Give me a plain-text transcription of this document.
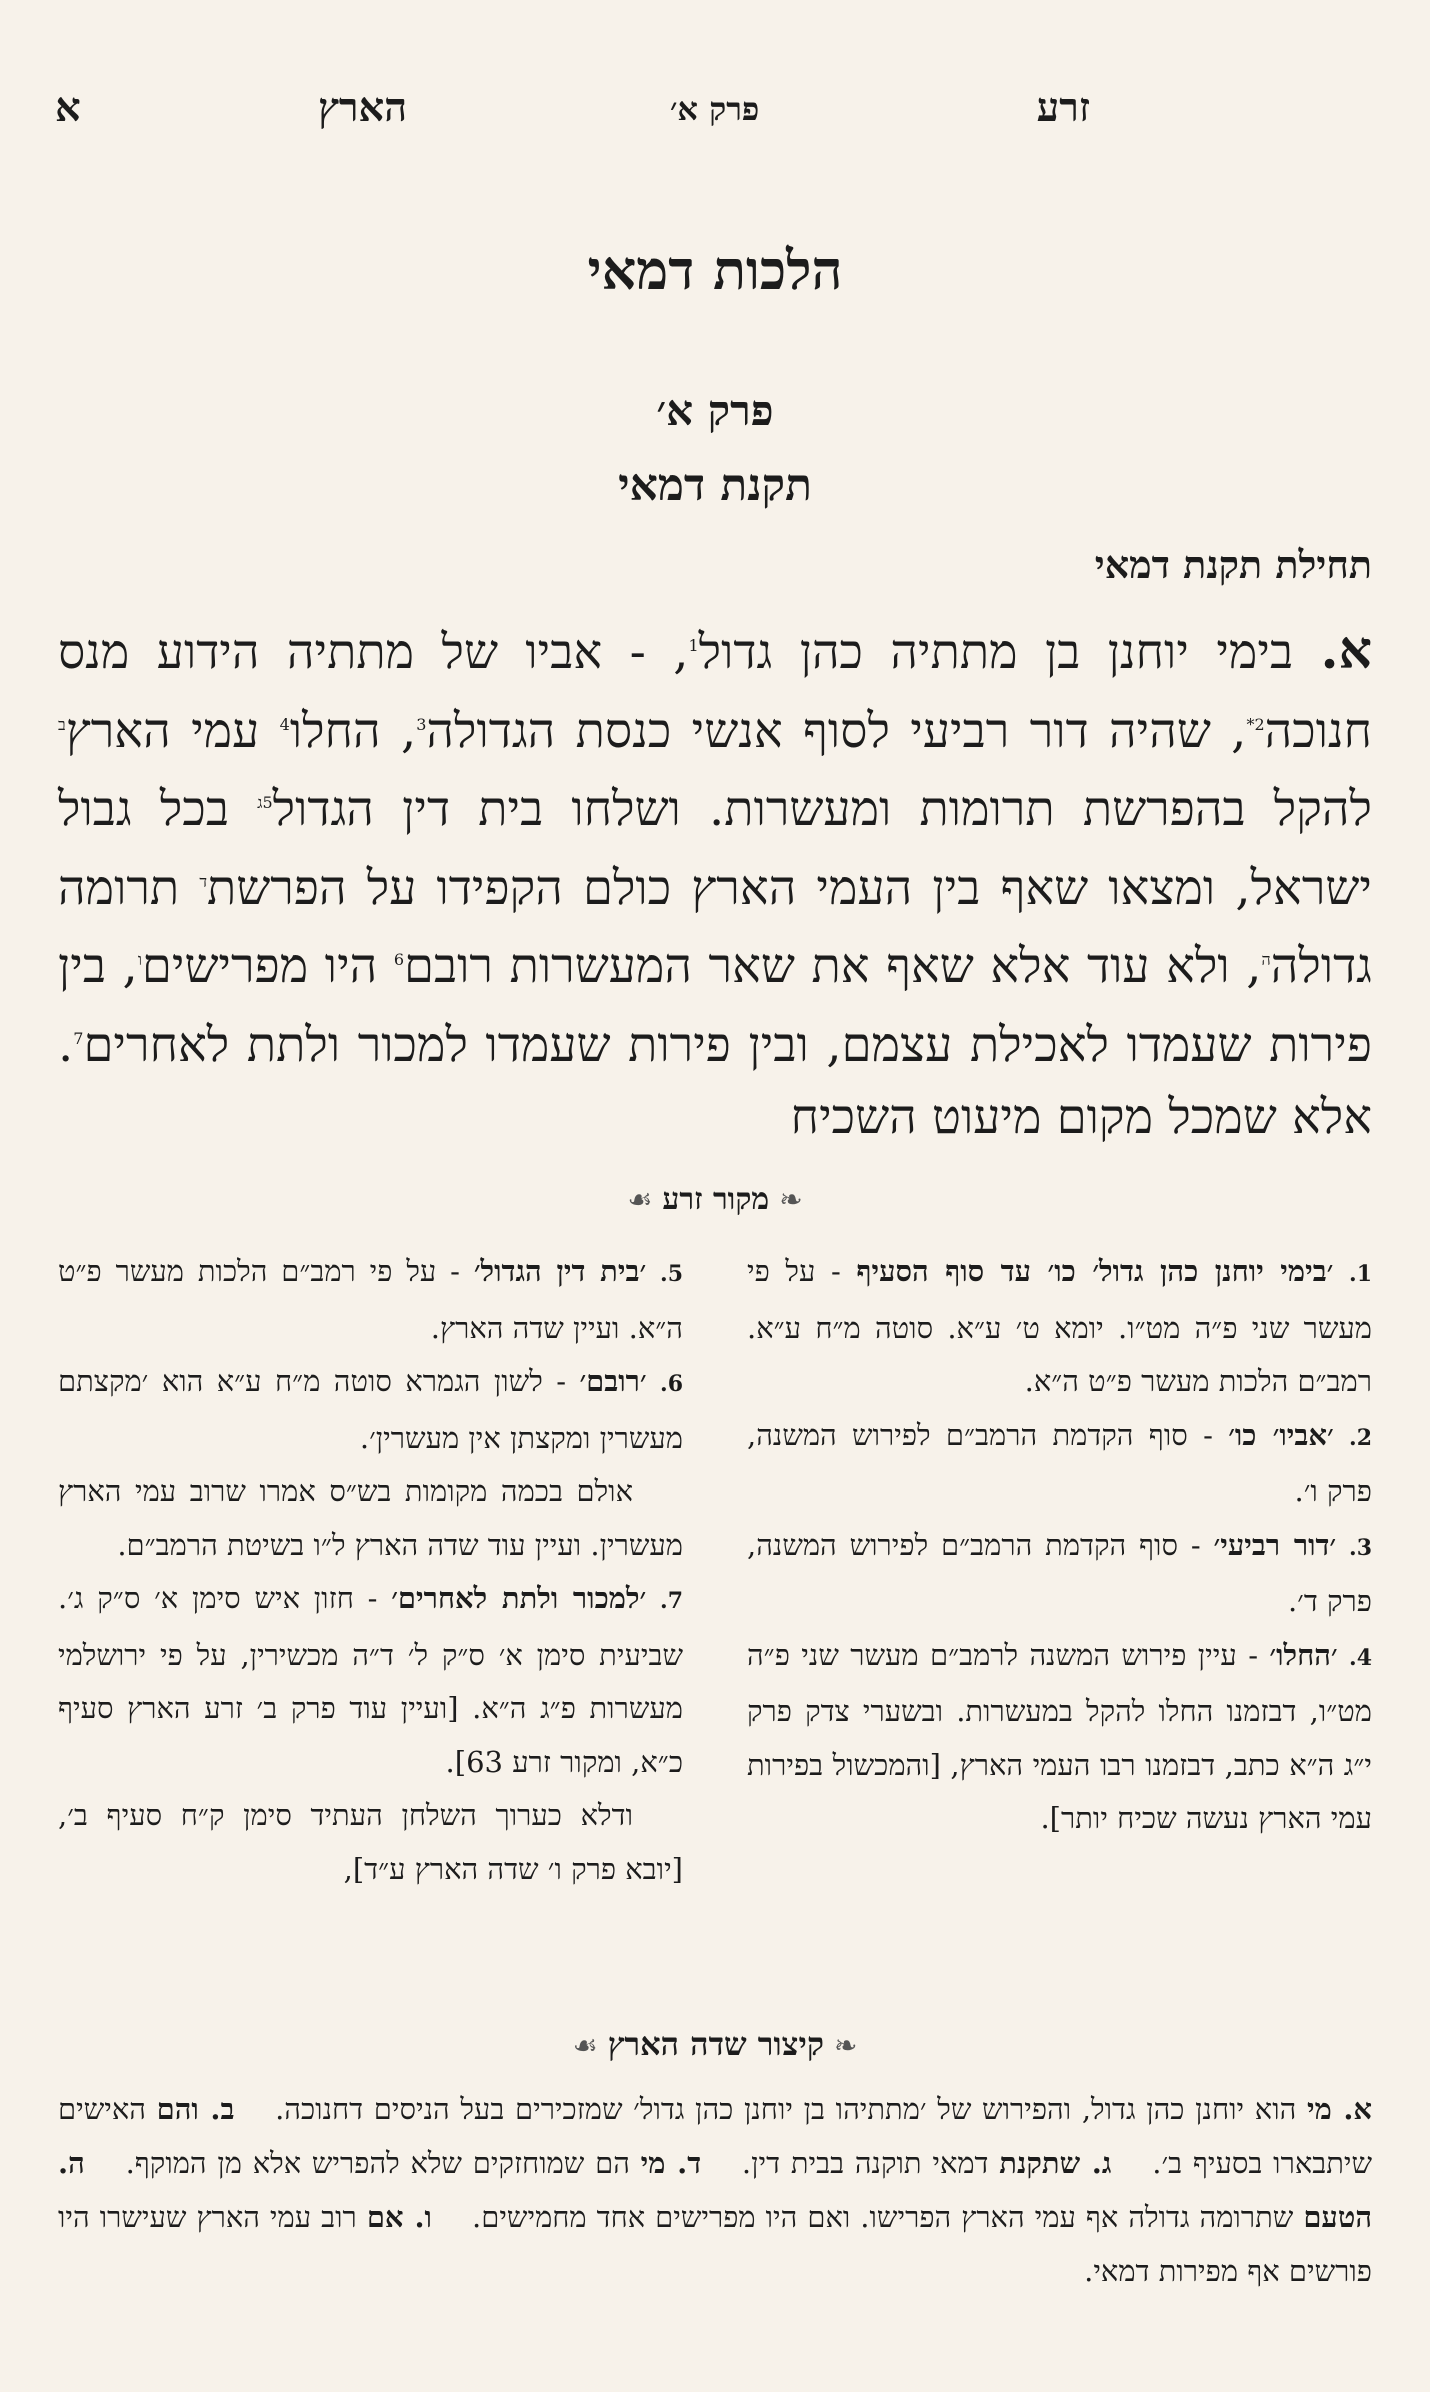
זרע
פרק א׳
הארץ
א
הלכות דמאי
פרק א׳
תקנת דמאי
תחילת תקנת דמאי
א. בימי יוחנן בן מתתיה כהן גדול$^1$, - אביו של מתתיה הידוע מנס חנוכה$^{2*}$, שהיה דור רביעי לסוף אנשי כנסת הגדולה$^3$, החלו$^4$ עמי הארץ$^ב$ להקל בהפרשת תרומות ומעשרות. ושלחו בית דין הגדול$^{5ג}$ בכל גבול ישראל, ומצאו שאף בין העמי הארץ כולם הקפידו על הפרשת$^ד$ תרומה גדולה$^ה$, ולא עוד אלא שאף את שאר המעשרות רובם$^6$ היו מפרישים$^ו$, בין פירות שעמדו לאכילת עצמם, ובין פירות שעמדו למכור ולתת לאחרים$^7$. אלא שמכל מקום מיעוט השכיח
❧מקור זרע☙

1. ׳בימי יוחנן כהן גדול׳ כו׳ עד סוף הסעיף - על פי מעשר שני פ״ה מט״ו. יומא ט׳ ע״א. סוטה מ״ח ע״א. רמב״ם הלכות מעשר פ״ט ה״א.

2. ׳אביו׳ כו׳ - סוף הקדמת הרמב״ם לפירוש המשנה, פרק ו׳.

3. ׳דור רביעי׳ - סוף הקדמת הרמב״ם לפירוש המשנה, פרק ד׳.

4. ׳החלו׳ - עיין פירוש המשנה לרמב״ם מעשר שני פ״ה מט״ו, דבזמנו החלו להקל במעשרות. ובשערי צדק פרק י״ג ה״א כתב, דבזמנו רבו העמי הארץ, [והמכשול בפירות עמי הארץ נעשה שכיח יותר].

5. ׳בית דין הגדול׳ - על פי רמב״ם הלכות מעשר פ״ט ה״א. ועיין שדה הארץ.

6. ׳רובם׳ - לשון הגמרא סוטה מ״ח ע״א הוא ׳מקצתם מעשרין ומקצתן אין מעשרין׳.

אולם בכמה מקומות בש״ס אמרו שרוב עמי הארץ מעשרין. ועיין עוד שדה הארץ ל״ו בשיטת הרמב״ם.

7. ׳למכור ולתת לאחרים׳ - חזון איש סימן א׳ ס״ק ג׳. שביעית סימן א׳ ס״ק ל׳ ד״ה מכשירין, על פי ירושלמי מעשרות פ״ג ה״א. [ועיין עוד פרק ב׳ זרע הארץ סעיף כ״א, ומקור זרע 63].

ודלא כערוך השלחן העתיד סימן ק״ח סעיף ב׳, [יובא פרק ו׳ שדה הארץ ע״ד],

❧קיצור שדה הארץ☙
א. מי הוא יוחנן כהן גדול, והפירוש של ׳מתתיהו בן יוחנן כהן גדול׳ שמזכירים בעל הניסים דחנוכה. ב. והם האישים שיתבארו בסעיף ב׳. ג. שתקנת דמאי תוקנה בבית דין. ד. מי הם שמוחזקים שלא להפריש אלא מן המוקף. ה. הטעם שתרומה גדולה אף עמי הארץ הפרישו. ואם היו מפרישים אחד מחמישים. ו. אם רוב עמי הארץ שעישרו היו פורשים אף מפירות דמאי.
